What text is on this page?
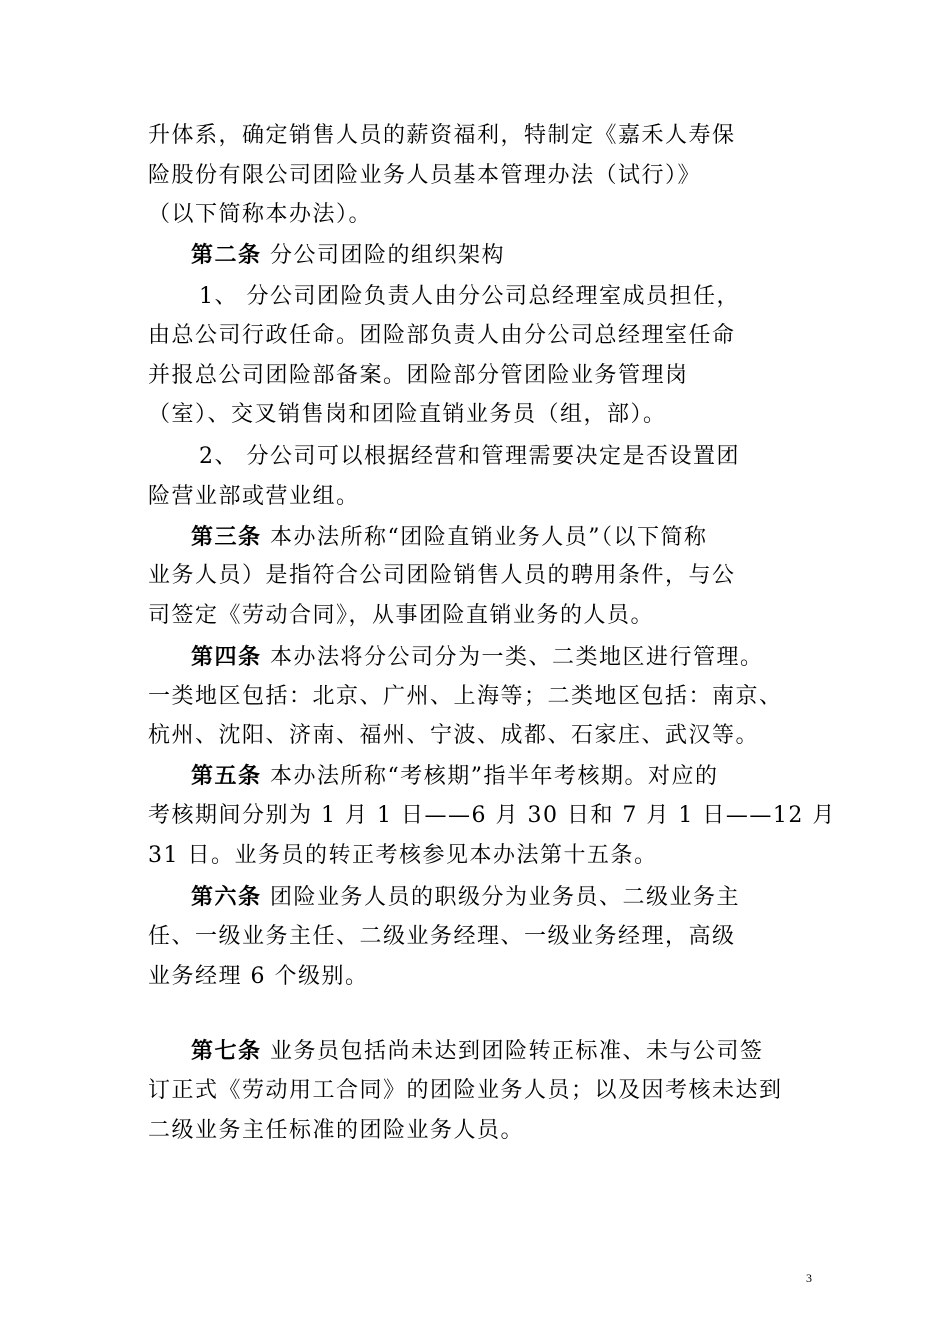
升体系，确定销售人员的薪资福利，特制定《嘉禾人寿保
险股份有限公司团险业务人员基本管理办法（试行）》
（以下简称本办法）。
第二条 分公司团险的组织架构
1、 分公司团险负责人由分公司总经理室成员担任，
由总公司行政任命。团险部负责人由分公司总经理室任命
并报总公司团险部备案。团险部分管团险业务管理岗
（室）、交叉销售岗和团险直销业务员（组，部）。
2、 分公司可以根据经营和管理需要决定是否设置团
险营业部或营业组。
第三条 本办法所称“团险直销业务人员”（以下简称
业务人员）是指符合公司团险销售人员的聘用条件，与公
司签定《劳动合同》，从事团险直销业务的人员。
第四条 本办法将分公司分为一类、二类地区进行管理。
一类地区包括：北京、广州、上海等；二类地区包括：南京、
杭州、沈阳、济南、福州、宁波、成都、石家庄、武汉等。
第五条 本办法所称“考核期”指半年考核期。对应的
考核期间分别为 1 月 1 日——6 月 30 日和 7 月 1 日——12 月
31 日。业务员的转正考核参见本办法第十五条。
第六条 团险业务人员的职级分为业务员、二级业务主
任、一级业务主任、二级业务经理、一级业务经理，高级
业务经理 6 个级别。
第七条 业务员包括尚未达到团险转正标准、未与公司签
订正式《劳动用工合同》的团险业务人员；以及因考核未达到
二级业务主任标准的团险业务人员。
3
